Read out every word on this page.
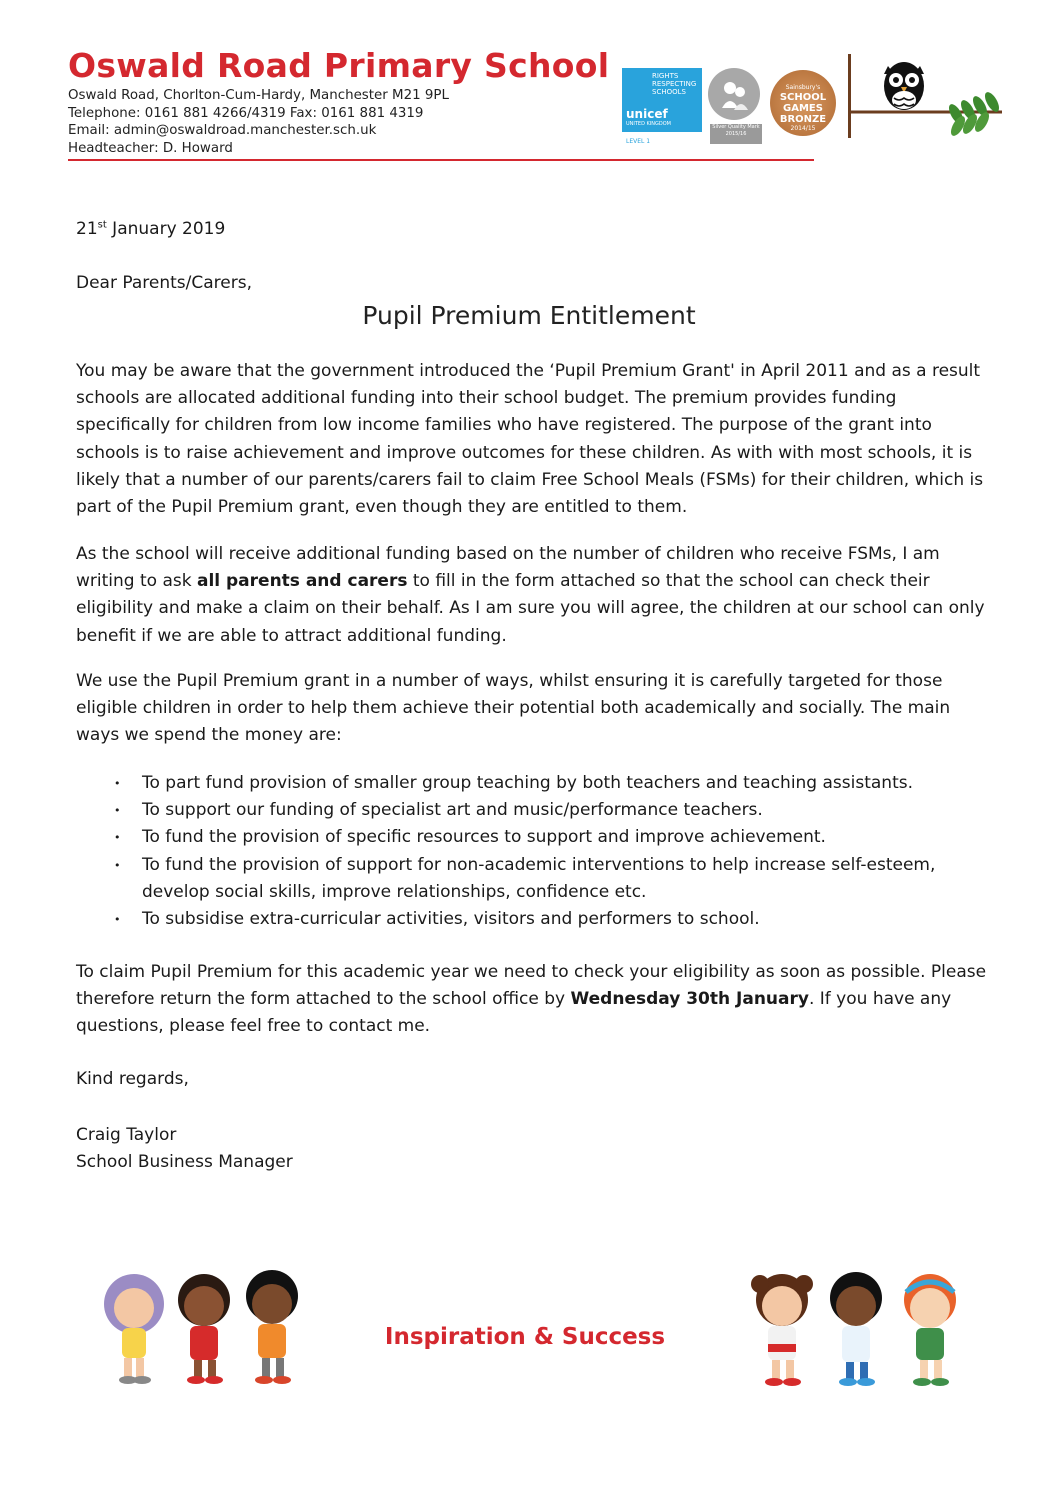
Oswald Road Primary School
Oswald Road, Chorlton-Cum-Hardy, Manchester M21 9PL
Telephone: 0161 881 4266/4319 Fax: 0161 881 4319
Email: admin@oswaldroad.manchester.sch.uk
Headteacher: D. Howard
RIGHTS RESPECTING SCHOOLS
unicef
UNITED KINGDOM
LEVEL 1
Silver Quality Mark 2015/16
Sainsbury's
SCHOOL GAMES
BRONZE
2014/15

21st January 2019

Dear Parents/Carers,

Pupil Premium Entitlement

You may be aware that the government introduced the ‘Pupil Premium Grant' in April 2011 and as a result schools are allocated additional funding into their school budget. The premium provides funding specifically for children from low income families who have registered. The purpose of the grant into schools is to raise achievement and improve outcomes for these children. As with with most schools, it is likely that a number of our parents/carers fail to claim Free School Meals (FSMs) for their children, which is part of the Pupil Premium grant, even though they are entitled to them.

As the school will receive additional funding based on the number of children who receive FSMs, I am writing to ask all parents and carers to fill in the form attached so that the school can check their eligibility and make a claim on their behalf. As I am sure you will agree, the children at our school can only benefit if we are able to attract additional funding.

We use the Pupil Premium grant in a number of ways, whilst ensuring it is carefully targeted for those eligible children in order to help them achieve their potential both academically and socially. The main ways we spend the money are:

• To part fund provision of smaller group teaching by both teachers and teaching assistants.
• To support our funding of specialist art and music/performance teachers.
• To fund the provision of specific resources to support and improve achievement.
• To fund the provision of support for non-academic interventions to help increase self-esteem, develop social skills, improve relationships, confidence etc.
• To subsidise extra-curricular activities, visitors and performers to school.

To claim Pupil Premium for this academic year we need to check your eligibility as soon as possible. Please therefore return the form attached to the school office by Wednesday 30th January. If you have any questions, please feel free to contact me.

Kind regards,

Craig Taylor
School Business Manager

Inspiration & Success
